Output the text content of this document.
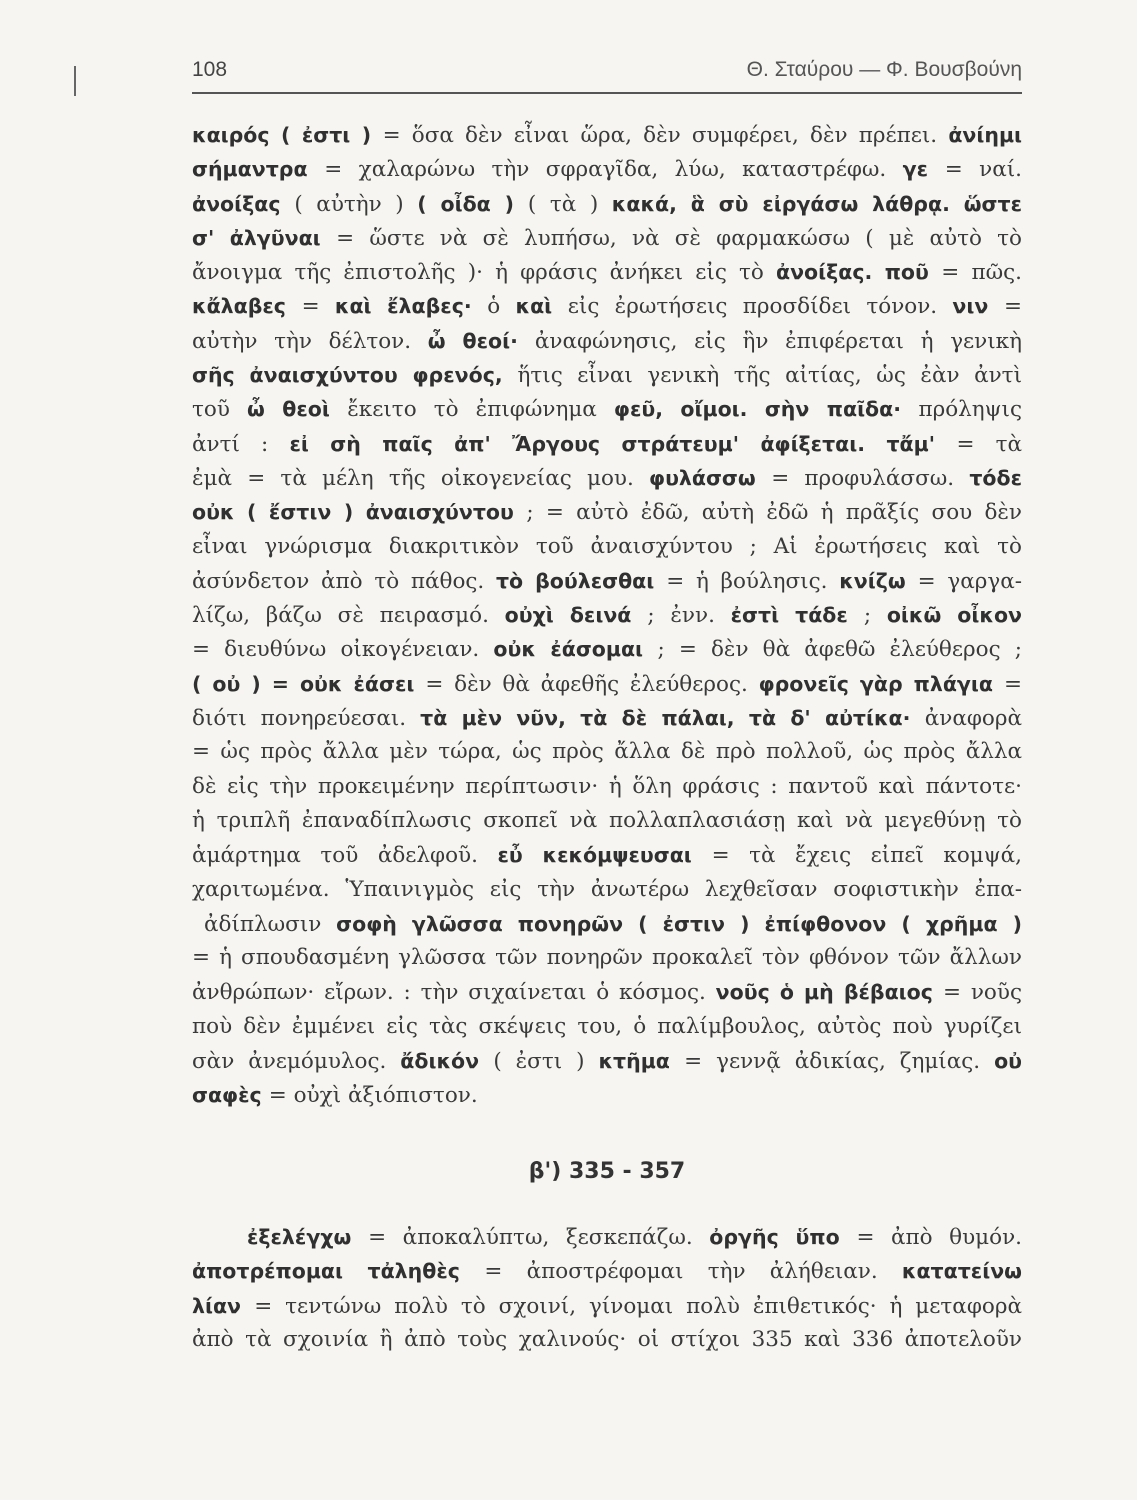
108	Θ. Σταύρου — Φ. Βουσβούνη
καιρός ( ἐστι ) = ὅσα δὲν εἶναι ὥρα, δὲν συμφέρει, δὲν πρέπει. ἀνίημι
σήμαντρα = χαλαρώνω τὴν σφραγῖδα, λύω, καταστρέφω. γε = ναί.
ἀνοίξας ( αὐτὴν ) ( οἶδα ) ( τὰ ) κακά, ἃ σὺ εἰργάσω λάθρᾳ. ὥστε
σ' ἀλγῦναι = ὥστε νὰ σὲ λυπήσω, νὰ σὲ φαρμακώσω ( μὲ αὐτὸ τὸ
ἄνοιγμα τῆς ἐπιστολῆς )· ἡ φράσις ἀνήκει εἰς τὸ ἀνοίξας. ποῦ = πῶς.
κἄλαβες = καὶ ἔλαβες· ὁ καὶ εἰς ἐρωτήσεις προσδίδει τόνον. νιν =
αὐτὴν τὴν δέλτον. ὦ θεοί· ἀναφώνησις, εἰς ἣν ἐπιφέρεται ἡ γενικὴ
σῆς ἀναισχύντου φρενός, ἥτις εἶναι γενικὴ τῆς αἰτίας, ὡς ἐὰν ἀντὶ
τοῦ ὦ θεοὶ ἔκειτο τὸ ἐπιφώνημα φεῦ, οἴμοι. σὴν παῖδα· πρόληψις
ἀντί : εἰ σὴ παῖς ἀπ' Ἄργους στράτευμ' ἀφίξεται. τἄμ' = τὰ
ἐμὰ = τὰ μέλη τῆς οἰκογενείας μου. φυλάσσω = προφυλάσσω. τόδε
οὐκ ( ἔστιν ) ἀναισχύντου ; = αὐτὸ ἐδῶ, αὐτὴ ἐδῶ ἡ πρᾶξίς σου δὲν
εἶναι γνώρισμα διακριτικὸν τοῦ ἀναισχύντου ; Αἱ ἐρωτήσεις καὶ τὸ
ἀσύνδετον ἀπὸ τὸ πάθος. τὸ βούλεσθαι = ἡ βούλησις. κνίζω = γαργα-
λίζω, βάζω σὲ πειρασμό. οὐχὶ δεινά ; ἐνν. ἐστὶ τάδε ; οἰκῶ οἶκον
= διευθύνω οἰκογένειαν. οὐκ ἐάσομαι ; = δὲν θὰ ἀφεθῶ ἐλεύθερος ;
( οὐ ) = οὐκ ἐάσει = δὲν θὰ ἀφεθῆς ἐλεύθερος. φρονεῖς γὰρ πλάγια =
διότι πονηρεύεσαι. τὰ μὲν νῦν, τὰ δὲ πάλαι, τὰ δ' αὐτίκα· ἀναφορὰ
= ὡς πρὸς ἄλλα μὲν τώρα, ὡς πρὸς ἄλλα δὲ πρὸ πολλοῦ, ὡς πρὸς ἄλλα
δὲ εἰς τὴν προκειμένην περίπτωσιν· ἡ ὅλη φράσις : παντοῦ καὶ πάντοτε·
ἡ τριπλῆ ἐπαναδίπλωσις σκοπεῖ νὰ πολλαπλασιάσῃ καὶ νὰ μεγεθύνῃ τὸ
ἁμάρτημα τοῦ ἀδελφοῦ. εὖ κεκόμψευσαι = τὰ ἔχεις εἰπεῖ κομψά,
χαριτωμένα. Ὑπαινιγμὸς εἰς τὴν ἀνωτέρω λεχθεῖσαν σοφιστικὴν ἐπα-
ἀδίπλωσιν σοφὴ γλῶσσα πονηρῶν ( ἐστιν ) ἐπίφθονον ( χρῆμα )
= ἡ σπουδασμένη γλῶσσα τῶν πονηρῶν προκαλεῖ τὸν φθόνον τῶν ἄλλων
ἀνθρώπων· εἴρων. : τὴν σιχαίνεται ὁ κόσμος. νοῦς ὁ μὴ βέβαιος = νοῦς
ποὺ δὲν ἐμμένει εἰς τὰς σκέψεις του, ὁ παλίμβουλος, αὐτὸς ποὺ γυρίζει
σὰν ἀνεμόμυλος. ἄδικόν ( ἐστι ) κτῆμα = γεννᾷ ἀδικίας, ζημίας. οὐ
σαφὲς = οὐχὶ ἀξιόπιστον.
β') 335 - 357
ἐξελέγχω = ἀποκαλύπτω, ξεσκεπάζω. ὀργῆς ὕπο = ἀπὸ θυμόν.
ἀποτρέπομαι τἀληθὲς = ἀποστρέφομαι τὴν ἀλήθειαν. κατατείνω
λίαν = τεντώνω πολὺ τὸ σχοινί, γίνομαι πολὺ ἐπιθετικός· ἡ μεταφορὰ
ἀπὸ τὰ σχοινία ἢ ἀπὸ τοὺς χαλινούς· οἱ στίχοι 335 καὶ 336 ἀποτελοῦν
